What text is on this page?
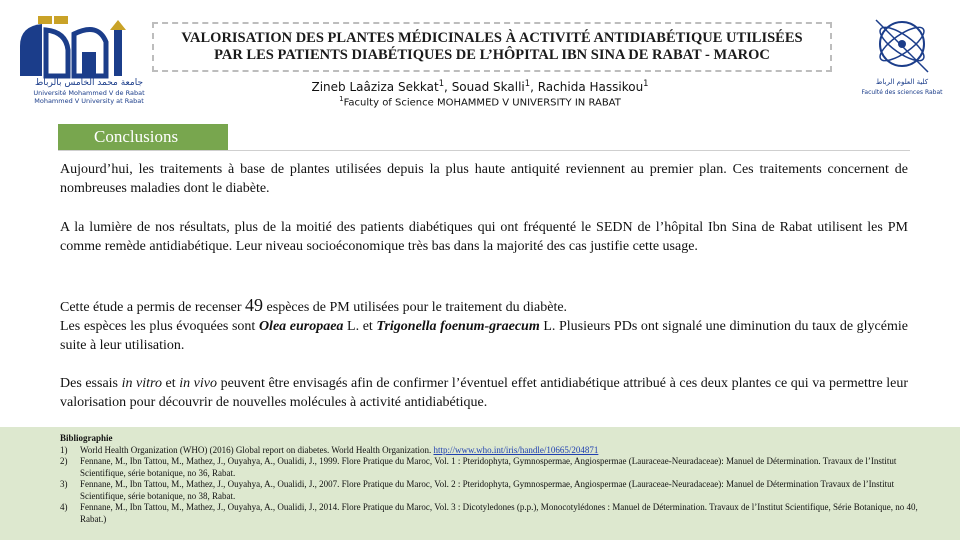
جامعة محمد الخامس بالرباط
Université Mohammed V de Rabat
Mohammed V University at Rabat
VALORISATION DES PLANTES MÉDICINALES À ACTIVITÉ ANTIDIABÉTIQUE UTILISÉES
PAR LES PATIENTS DIABÉTIQUES DE L’HÔPITAL IBN SINA DE RABAT - MAROC
Zineb Laâziza Sekkat$^1$, Souad Skalli$^1$, Rachida Hassikou$^1$
$^1$Faculty of Science MOHAMMED V UNIVERSITY IN RABAT
كلية العلوم الرباط
Faculté des sciences Rabat
Conclusions
Aujourd’hui, les traitements à base de plantes utilisées depuis la plus haute antiquité reviennent au premier plan. Ces traitements concernent de nombreuses maladies dont le diabète.
A la lumière de nos résultats, plus de la moitié des patients diabétiques qui ont fréquenté le SEDN de l’hôpital Ibn Sina de Rabat utilisent les PM comme remède antidiabétique. Leur niveau socioéconomique très bas dans la majorité des cas justifie cette usage.
Cette étude a permis de recenser 49 espèces de PM utilisées pour le traitement du diabète.
Les espèces les plus évoquées sont Olea europaea L. et Trigonella foenum-graecum L. Plusieurs PDs ont signalé une diminution du taux de glycémie suite à leur utilisation.
Des essais in vitro et in vivo peuvent être envisagés afin de confirmer l’éventuel effet antidiabétique attribué à ces deux plantes ce qui va permettre leur valorisation pour découvrir de nouvelles molécules à activité antidiabétique.
Bibliographie
1)	World Health Organization (WHO) (2016) Global report on diabetes. World Health Organization. http://www.who.int/iris/handle/10665/204871
2)	Fennane, M., Ibn Tattou, M., Mathez, J., Ouyahya, A., Oualidi, J., 1999. Flore Pratique du Maroc, Vol. 1 : Pteridophyta, Gymnospermae, Angiospermae (Lauraceae-Neuradaceae): Manuel de Détermination. Travaux de l’Institut Scientifique, série botanique, no 36, Rabat.
3)	Fennane, M., Ibn Tattou, M., Mathez, J., Ouyahya, A., Oualidi, J., 2007. Flore Pratique du Maroc, Vol. 2 : Pteridophyta, Gymnospermae, Angiospermae (Lauraceae-Neuradaceae): Manuel de Détermination Travaux de l’Institut Scientifique, série botanique, no 38, Rabat.
4)	Fennane, M., Ibn Tattou, M., Mathez, J., Ouyahya, A., Oualidi, J., 2014. Flore Pratique du Maroc, Vol. 3 : Dicotyledones (p.p.), Monocotylédones : Manuel de Détermination. Travaux de l’Institut Scientifique, Série Botanique, no 40, Rabat.)
